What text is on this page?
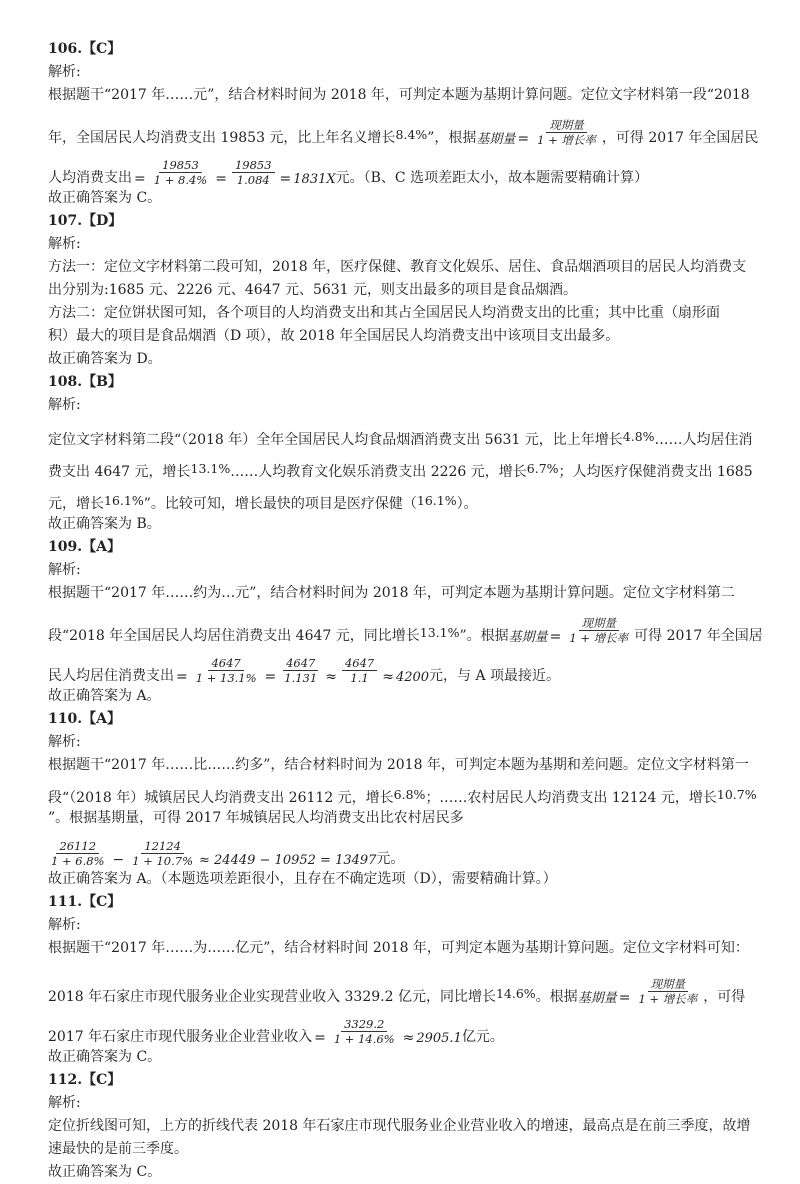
106.【C】
解析:
根据题干“2017 年……元”，结合材料时间为 2018 年，可判定本题为基期计算问题。定位文字材料第一段“2018
年，全国居民人均消费支出 19853 元，比上年名义增长 8.4% ”，根据 基期量 = $\frac{\text{现期量}}{\text{1 + 增长率}}$ ，可得 2017 年全国居民
人均消费支出 = $\frac{19853}{1 + 8.4\%} = \frac{19853}{1.084} = 1831X$ 元。（B、C 选项差距太小，故本题需要精确计算）
故正确答案为 C。
107.【D】
解析:
方法一：定位文字材料第二段可知，2018 年，医疗保健、教育文化娱乐、居住、食品烟酒项目的居民人均消费支
出分别为:1685 元、2226 元、4647 元、5631 元，则支出最多的项目是食品烟酒。
方法二：定位饼状图可知，各个项目的人均消费支出和其占全国居民人均消费支出的比重；其中比重（扇形面
积）最大的项目是食品烟酒（D 项），故 2018 年全国居民人均消费支出中该项目支出最多。
故正确答案为 D。
108.【B】
解析:
定位文字材料第二段“（2018 年）全年全国居民人均食品烟酒消费支出 5631 元，比上年增长 4.8% ……人均居住消
费支出 4647 元，增长 13.1% ……人均教育文化娱乐消费支出 2226 元，增长 6.7% ；人均医疗保健消费支出 1685
元，增长 16.1% ”。比较可知，增长最快的项目是医疗保健（ 16.1% ）。
故正确答案为 B。
109.【A】
解析:
根据题干“2017 年……约为…元”，结合材料时间为 2018 年，可判定本题为基期计算问题。定位文字材料第二
段“2018 年全国居民人均居住消费支出 4647 元，同比增长 13.1% ”。根据 基期量 = $\frac{\text{现期量}}{\text{1 + 增长率}}$ 可得 2017 年全国居
民人均居住消费支出 = $\frac{4647}{1 + 13.1\%} = \frac{4647}{1.131} \approx \frac{4647}{1.1} \approx 4200$ 元，与 A 项最接近。
故正确答案为 A。
110.【A】
解析:
根据题干“2017 年……比……约多”，结合材料时间为 2018 年，可判定本题为基期和差问题。定位文字材料第一
段“（2018 年）城镇居民人均消费支出 26112 元，增长 6.8% ；……农村居民人均消费支出 12124 元，增长 10.7%
”。根据基期量，可得 2017 年城镇居民人均消费支出比农村居民多
$\frac{26112}{1 + 6.8\%} - \frac{12124}{1 + 10.7\%} \approx 24449 - 10952 = 13497$ 元。
故正确答案为 A。（本题选项差距很小，且存在不确定选项（D），需要精确计算。）
111.【C】
解析:
根据题干“2017 年……为……亿元”，结合材料时间 2018 年，可判定本题为基期计算问题。定位文字材料可知：
2018 年石家庄市现代服务业企业实现营业收入 3329.2 亿元，同比增长 14.6% 。根据 基期量 = $\frac{\text{现期量}}{\text{1 + 增长率}}$ ，可得
2017 年石家庄市现代服务业企业营业收入 = $\frac{3329.2}{1 + 14.6\%} \approx 2905.1$ 亿元。
故正确答案为 C。
112.【C】
解析:
定位折线图可知，上方的折线代表 2018 年石家庄市现代服务业企业营业收入的增速，最高点是在前三季度，故增
速最快的是前三季度。
故正确答案为 C。
